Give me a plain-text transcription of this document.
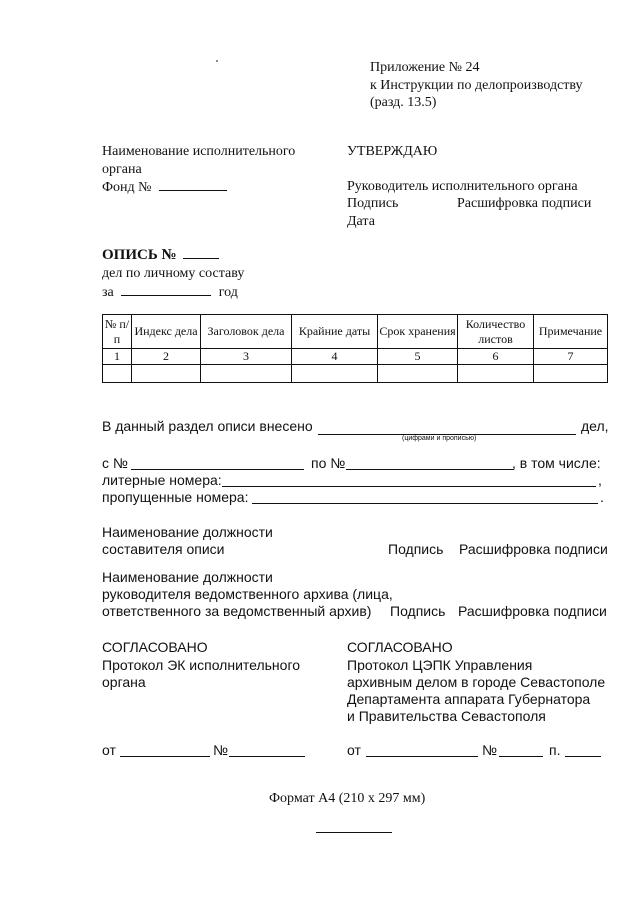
Приложение № 24
к Инструкции по делопроизводству
(разд. 13.5)
Наименование исполнительного
органа
Фонд №
УТВЕРЖДАЮ
Руководитель исполнительного органа
Подпись	Расшифровка подписи
Дата
ОПИСЬ №
дел по личному составу
за	год
№ п/п	Индекс дела	Заголовок дела	Крайние даты	Срок хранения	Количество листов	Примечание
1	2	3	4	5	6	7

В данный раздел описи внесено	дел,
(цифрами и прописью)
с №	по №	, в том числе:
литерные номера:	,
пропущенные номера:	.
Наименование должности
составителя описи	Подпись Расшифровка подписи
Наименование должности
руководителя ведомственного архива (лица,
ответственного за ведомственный архив) Подпись Расшифровка подписи
СОГЛАСОВАНО
Протокол ЭК исполнительного
органа
от	№
СОГЛАСОВАНО
Протокол ЦЭПК Управления
архивным делом в городе Севастополе
Департамента аппарата Губернатора
и Правительства Севастополя
от	№	п.
Формат А4 (210 x 297 мм)
